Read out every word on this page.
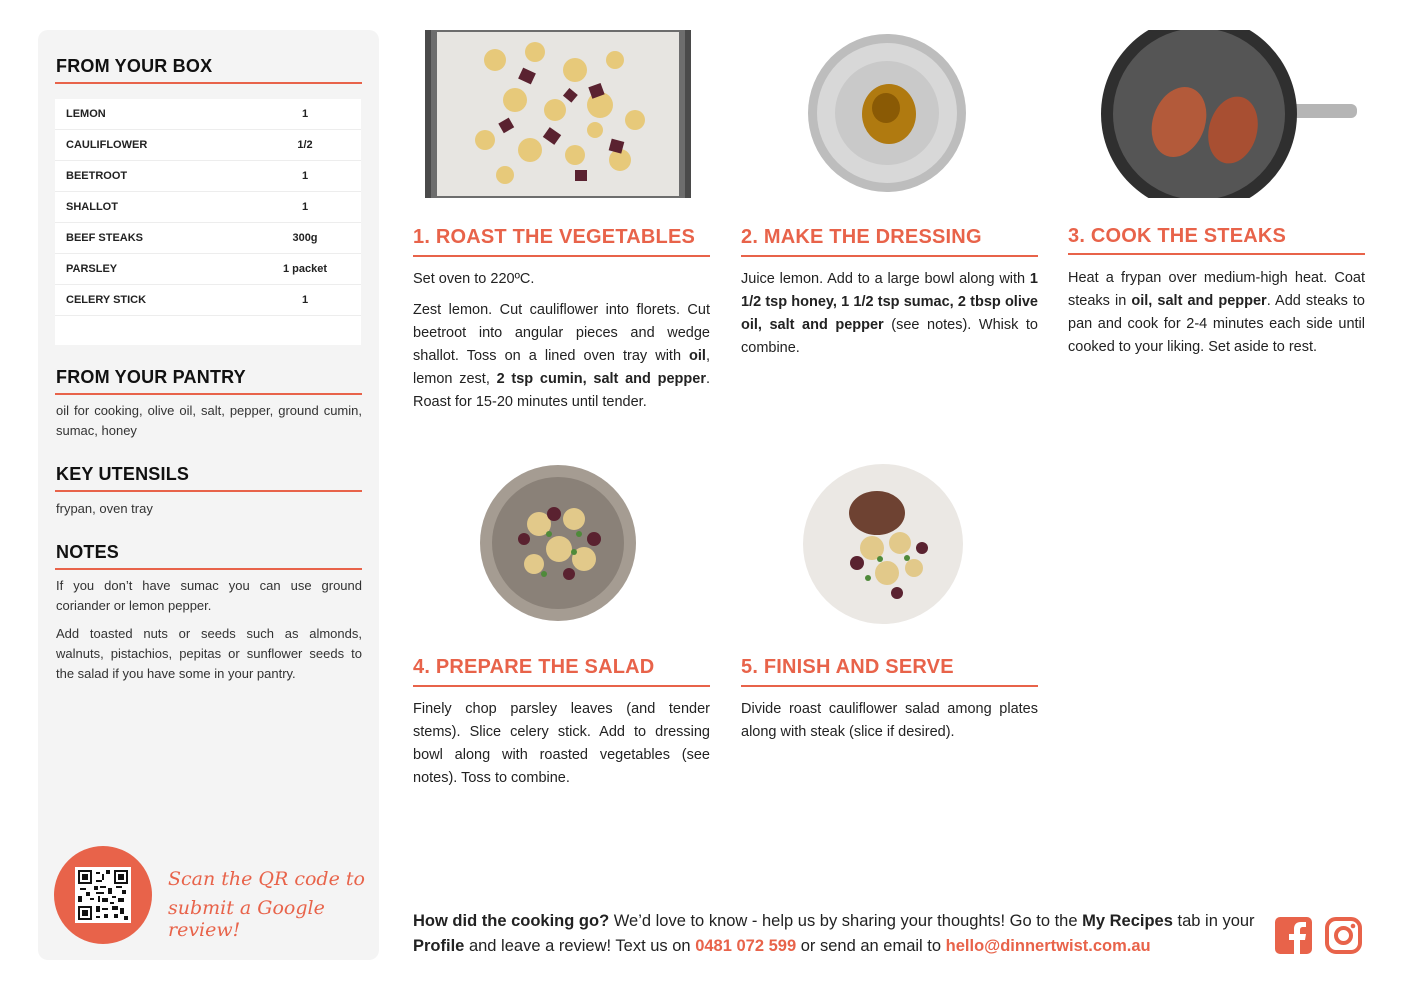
FROM YOUR BOX
LEMON	1
CAULIFLOWER	1/2
BEETROOT	1
SHALLOT	1
BEEF STEAKS	300g
PARSLEY	1 packet
CELERY STICK	1
FROM YOUR PANTRY
oil for cooking, olive oil, salt, pepper, ground cumin, sumac, honey
KEY UTENSILS
frypan, oven tray
NOTES
If you don’t have sumac you can use ground coriander or lemon pepper.
Add toasted nuts or seeds such as almonds, walnuts, pistachios, pepitas or sunflower seeds to the salad if you have some in your pantry.
Scan the QR code to
submit a Google review!
1. ROAST THE VEGETABLES

Set oven to 220ºC.

Zest lemon. Cut cauliflower into florets. Cut beetroot into angular pieces and wedge shallot. Toss on a lined oven tray with oil, lemon zest, 2 tsp cumin, salt and pepper. Roast for 15-20 minutes until tender.

2. MAKE THE DRESSING

Juice lemon. Add to a large bowl along with 1 1/2 tsp honey, 1 1/2 tsp sumac, 2 tbsp olive oil, salt and pepper (see notes). Whisk to combine.

3. COOK THE STEAKS

Heat a frypan over medium-high heat. Coat steaks in oil, salt and pepper. Add steaks to pan and cook for 2-4 minutes each side until cooked to your liking. Set aside to rest.

4. PREPARE THE SALAD

Finely chop parsley leaves (and tender stems). Slice celery stick. Add to dressing bowl along with roasted vegetables (see notes). Toss to combine.

5. FINISH AND SERVE

Divide roast cauliflower salad among plates along with steak (slice if desired).

How did the cooking go? We’d love to know - help us by sharing your thoughts! Go to the My Recipes tab in your Profile and leave a review! Text us on 0481 072 599 or send an email to hello@dinnertwist.com.au
